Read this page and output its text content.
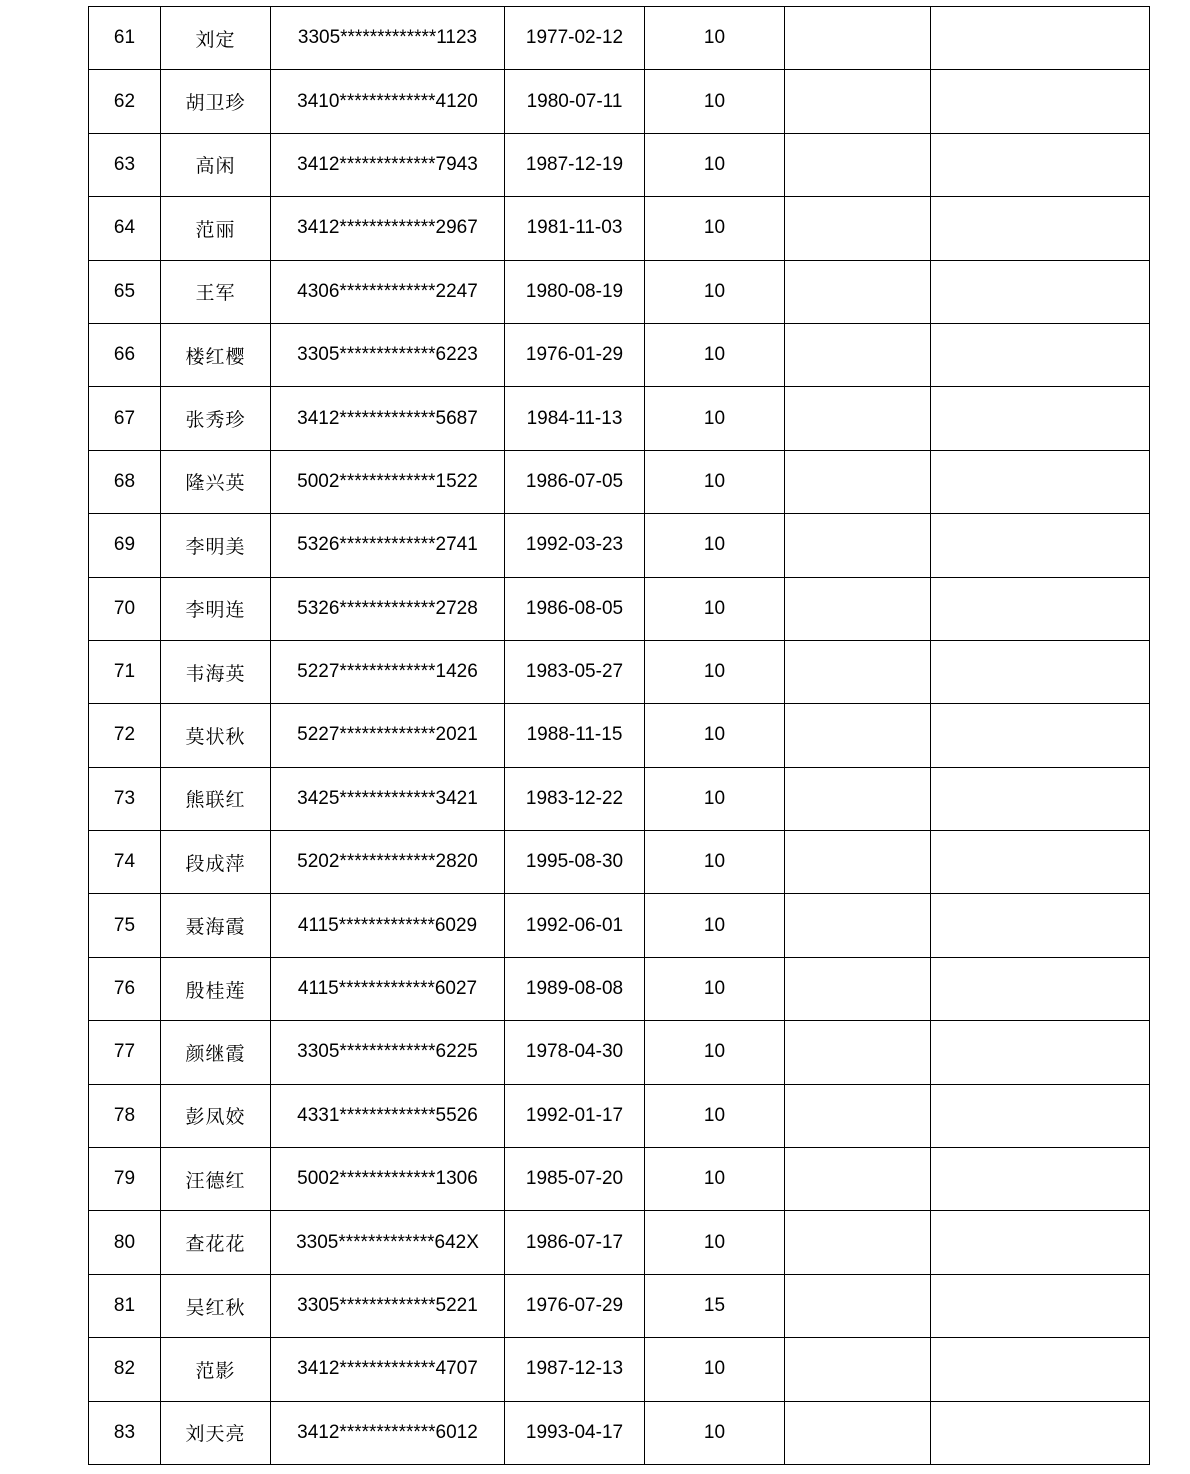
61	刘定	3305*************1123	1977-02-12	10		
62	胡卫珍	3410*************4120	1980-07-11	10		
63	高闲	3412*************7943	1987-12-19	10		
64	范丽	3412*************2967	1981-11-03	10		
65	王军	4306*************2247	1980-08-19	10		
66	楼红樱	3305*************6223	1976-01-29	10		
67	张秀珍	3412*************5687	1984-11-13	10		
68	隆兴英	5002*************1522	1986-07-05	10		
69	李明美	5326*************2741	1992-03-23	10		
70	李明连	5326*************2728	1986-08-05	10		
71	韦海英	5227*************1426	1983-05-27	10		
72	莫状秋	5227*************2021	1988-11-15	10		
73	熊联红	3425*************3421	1983-12-22	10		
74	段成萍	5202*************2820	1995-08-30	10		
75	聂海霞	4115*************6029	1992-06-01	10		
76	殷桂莲	4115*************6027	1989-08-08	10		
77	颜继霞	3305*************6225	1978-04-30	10		
78	彭凤姣	4331*************5526	1992-01-17	10		
79	汪德红	5002*************1306	1985-07-20	10		
80	查花花	3305*************642X	1986-07-17	10		
81	吴红秋	3305*************5221	1976-07-29	15		
82	范影	3412*************4707	1987-12-13	10		
83	刘天亮	3412*************6012	1993-04-17	10		
